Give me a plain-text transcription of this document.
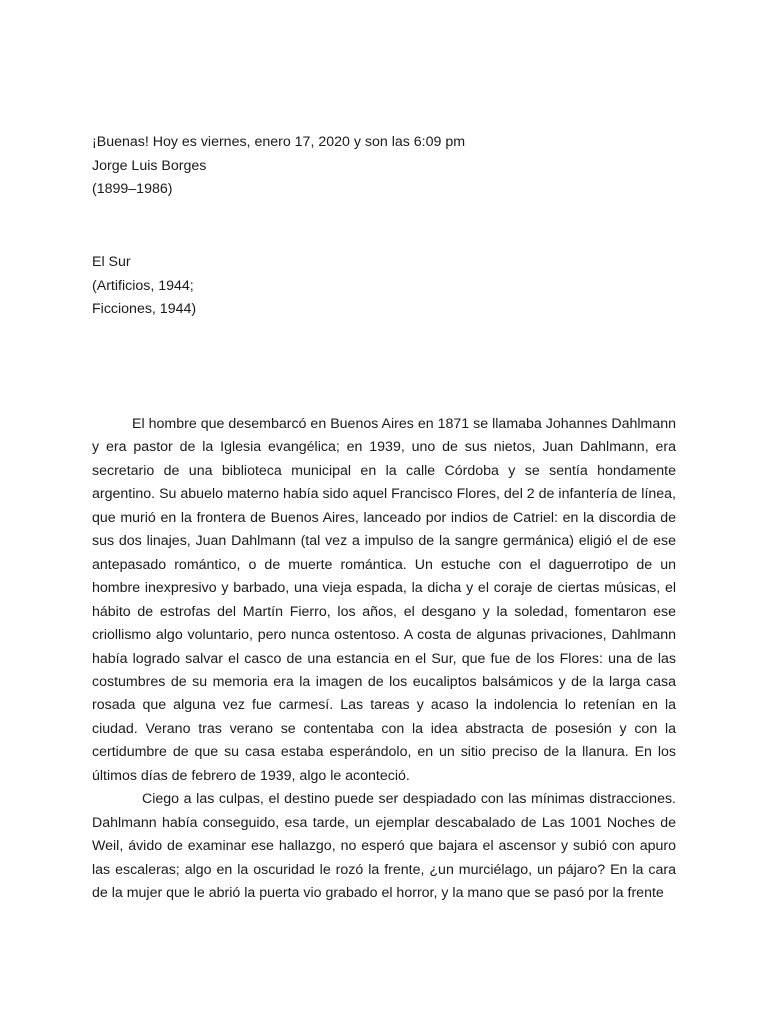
¡Buenas! Hoy es viernes, enero 17, 2020 y son las 6:09 pm

Jorge Luis Borges

(1899–1986)

El Sur

(Artificios, 1944;

Ficciones, 1944)

El hombre que desembarcó en Buenos Aires en 1871 se llamaba Johannes Dahlmann y era pastor de la Iglesia evangélica; en 1939, uno de sus nietos, Juan Dahlmann, era secretario de una biblioteca municipal en la calle Córdoba y se sentía hondamente argentino. Su abuelo materno había sido aquel Francisco Flores, del 2 de infantería de línea, que murió en la frontera de Buenos Aires, lanceado por indios de Catriel: en la discordia de sus dos linajes, Juan Dahlmann (tal vez a impulso de la sangre germánica) eligió el de ese antepasado romántico, o de muerte romántica. Un estuche con el daguerrotipo de un hombre inexpresivo y barbado, una vieja espada, la dicha y el coraje de ciertas músicas, el hábito de estrofas del Martín Fierro, los años, el desgano y la soledad, fomentaron ese criollismo algo voluntario, pero nunca ostentoso. A costa de algunas privaciones, Dahlmann había logrado salvar el casco de una estancia en el Sur, que fue de los Flores: una de las costumbres de su memoria era la imagen de los eucaliptos balsámicos y de la larga casa rosada que alguna vez fue carmesí. Las tareas y acaso la indolencia lo retenían en la ciudad. Verano tras verano se contentaba con la idea abstracta de posesión y con la certidumbre de que su casa estaba esperándolo, en un sitio preciso de la llanura. En los últimos días de febrero de 1939, algo le aconteció.

Ciego a las culpas, el destino puede ser despiadado con las mínimas distracciones. Dahlmann había conseguido, esa tarde, un ejemplar descabalado de Las 1001 Noches de Weil, ávido de examinar ese hallazgo, no esperó que bajara el ascensor y subió con apuro las escaleras; algo en la oscuridad le rozó la frente, ¿un murciélago, un pájaro? En la cara de la mujer que le abrió la puerta vio grabado el horror, y la mano que se pasó por la frente
